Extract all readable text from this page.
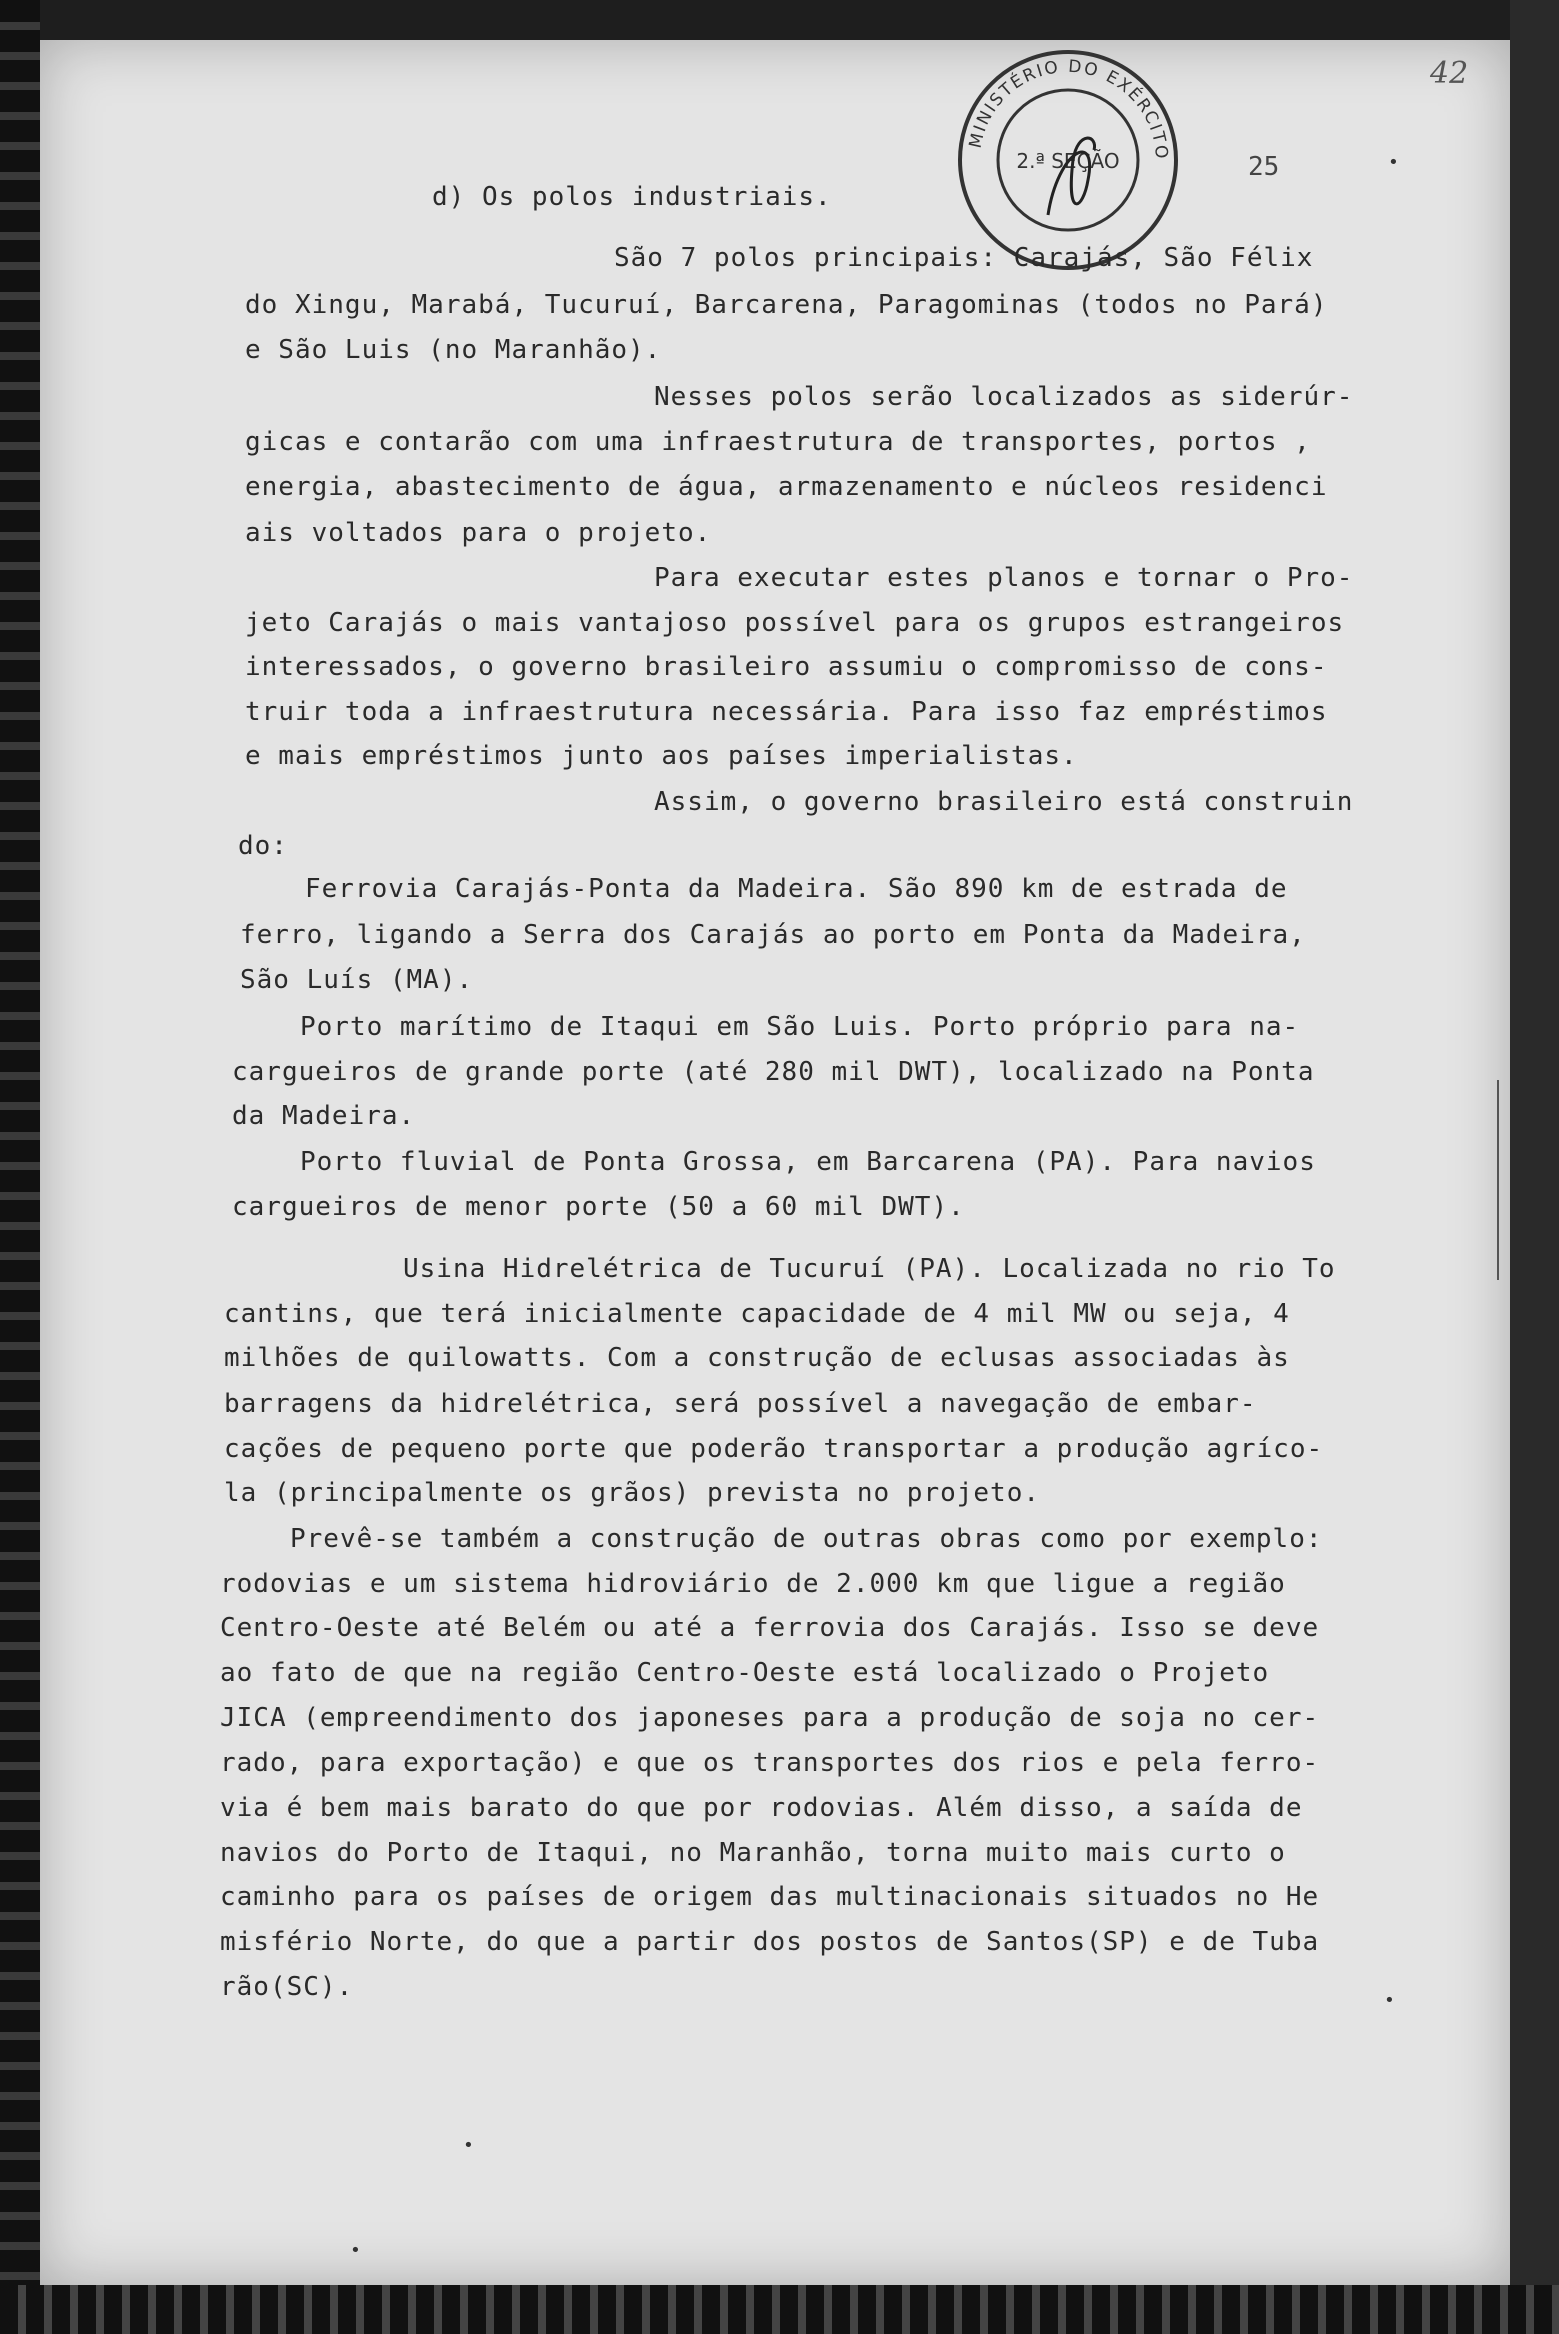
42
25
MINISTÉRIO DO EXÉRCITO
2.ª SEÇÃO
d) Os polos industriais.
São 7 polos principais: Carajás, São Félix
do Xingu, Marabá, Tucuruí, Barcarena, Paragominas (todos no Pará)
e São Luis (no Maranhão).
Nesses polos serão localizados as siderúr-
gicas e contarão com uma infraestrutura de transportes, portos ,
energia, abastecimento de água, armazenamento e núcleos residenci
ais voltados para o projeto.
Para executar estes planos e tornar o Pro-
jeto Carajás o mais vantajoso possível para os grupos estrangeiros
interessados, o governo brasileiro assumiu o compromisso de cons-
truir toda a infraestrutura necessária. Para isso faz empréstimos
e mais empréstimos junto aos países imperialistas.
Assim, o governo brasileiro está construin
do:
Ferrovia Carajás-Ponta da Madeira. São 890 km de estrada de
ferro, ligando a Serra dos Carajás ao porto em Ponta da Madeira,
São Luís (MA).
Porto marítimo de Itaqui em São Luis. Porto próprio para na-
cargueiros de grande porte (até 280 mil DWT), localizado na Ponta
da Madeira.
Porto fluvial de Ponta Grossa, em Barcarena (PA). Para navios
cargueiros de menor porte (50 a 60 mil DWT).
Usina Hidrelétrica de Tucuruí (PA). Localizada no rio To
cantins, que terá inicialmente capacidade de 4 mil MW ou seja, 4
milhões de quilowatts. Com a construção de eclusas associadas às
barragens da hidrelétrica, será possível a navegação de embar-
cações de pequeno porte que poderão transportar a produção agríco-
la (principalmente os grãos) prevista no projeto.
Prevê-se também a construção de outras obras como por exemplo:
rodovias e um sistema hidroviário de 2.000 km que ligue a região
Centro-Oeste até Belém ou até a ferrovia dos Carajás. Isso se deve
ao fato de que na região Centro-Oeste está localizado o Projeto
JICA (empreendimento dos japoneses para a produção de soja no cer-
rado, para exportação) e que os transportes dos rios e pela ferro-
via é bem mais barato do que por rodovias. Além disso, a saída de
navios do Porto de Itaqui, no Maranhão, torna muito mais curto o
caminho para os países de origem das multinacionais situados no He
misfério Norte, do que a partir dos postos de Santos(SP) e de Tuba
rão(SC).
•
•
•
•
